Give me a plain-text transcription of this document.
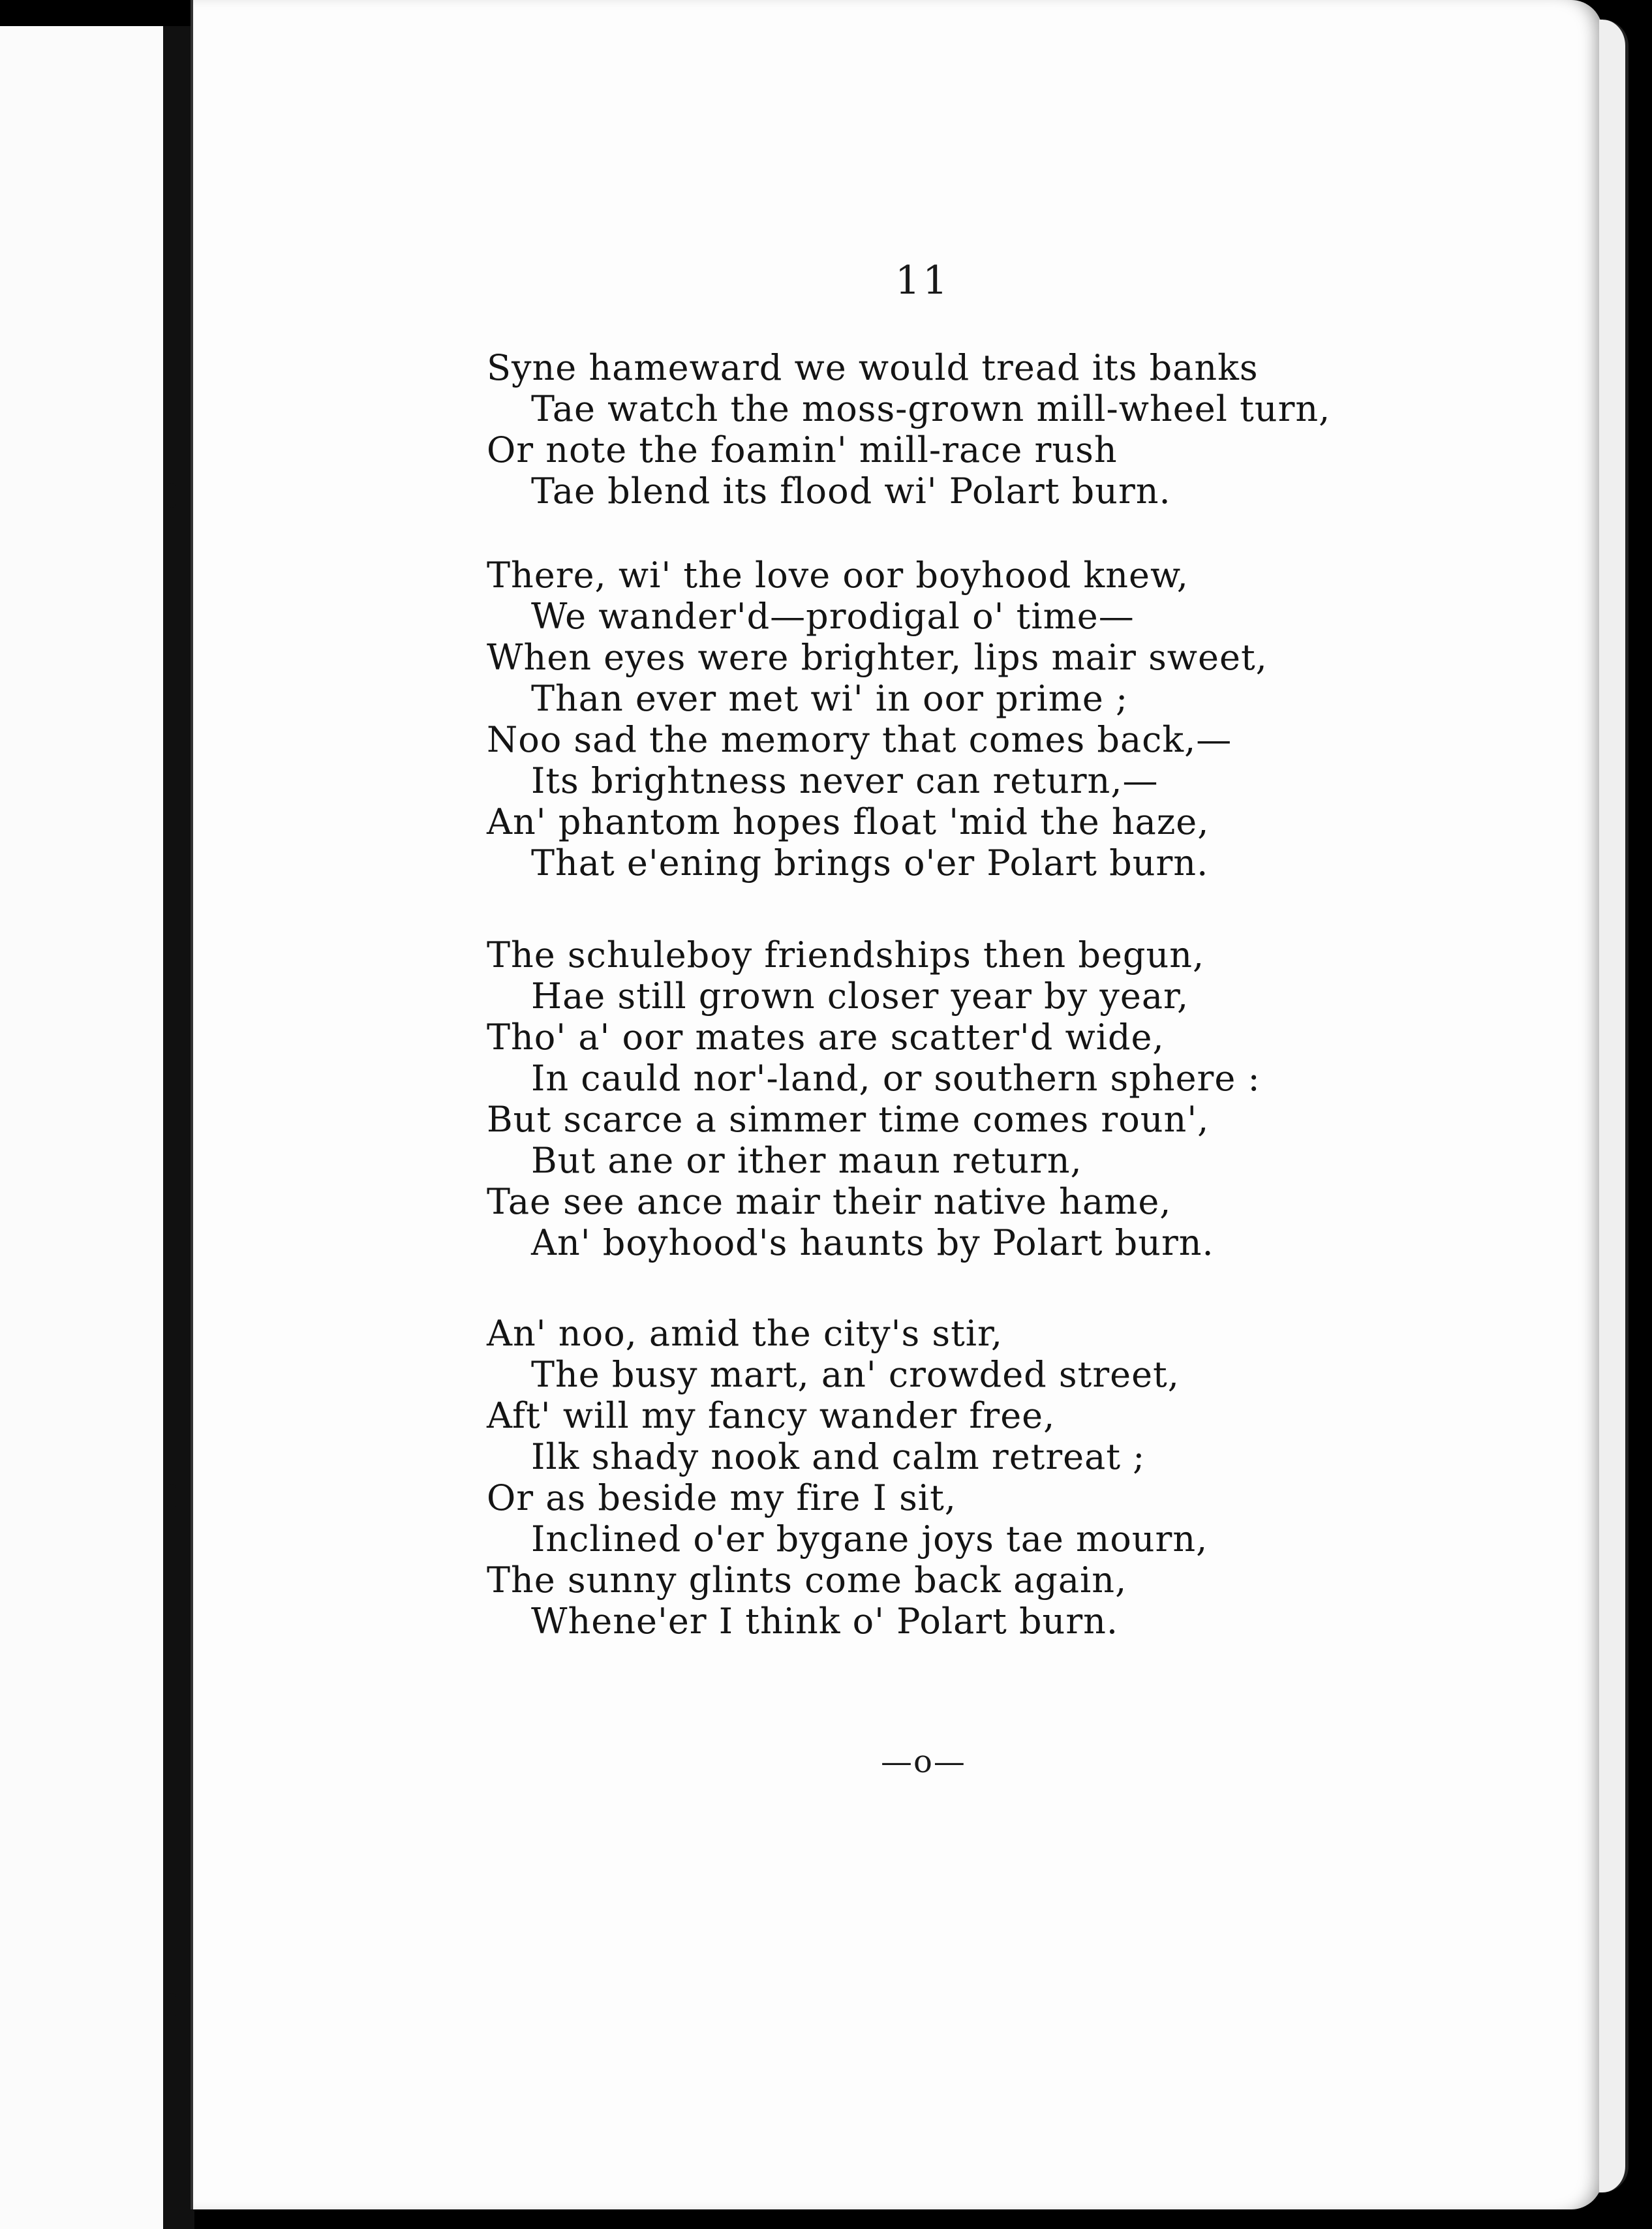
11
Syne hameward we would tread its banks
Tae watch the moss-grown mill-wheel turn,
Or note the foamin' mill-race rush
Tae blend its flood wi' Polart burn.
There, wi' the love oor boyhood knew,
We wander'd—prodigal o' time—
When eyes were brighter, lips mair sweet,
Than ever met wi' in oor prime ;
Noo sad the memory that comes back,—
Its brightness never can return,—
An' phantom hopes float 'mid the haze,
That e'ening brings o'er Polart burn.
The schuleboy friendships then begun,
Hae still grown closer year by year,
Tho' a' oor mates are scatter'd wide,
In cauld nor'-land, or southern sphere :
But scarce a simmer time comes roun',
But ane or ither maun return,
Tae see ance mair their native hame,
An' boyhood's haunts by Polart burn.
An' noo, amid the city's stir,
The busy mart, an' crowded street,
Aft' will my fancy wander free,
Ilk shady nook and calm retreat ;
Or as beside my fire I sit,
Inclined o'er bygane joys tae mourn,
The sunny glints come back again,
Whene'er I think o' Polart burn.
—o—
